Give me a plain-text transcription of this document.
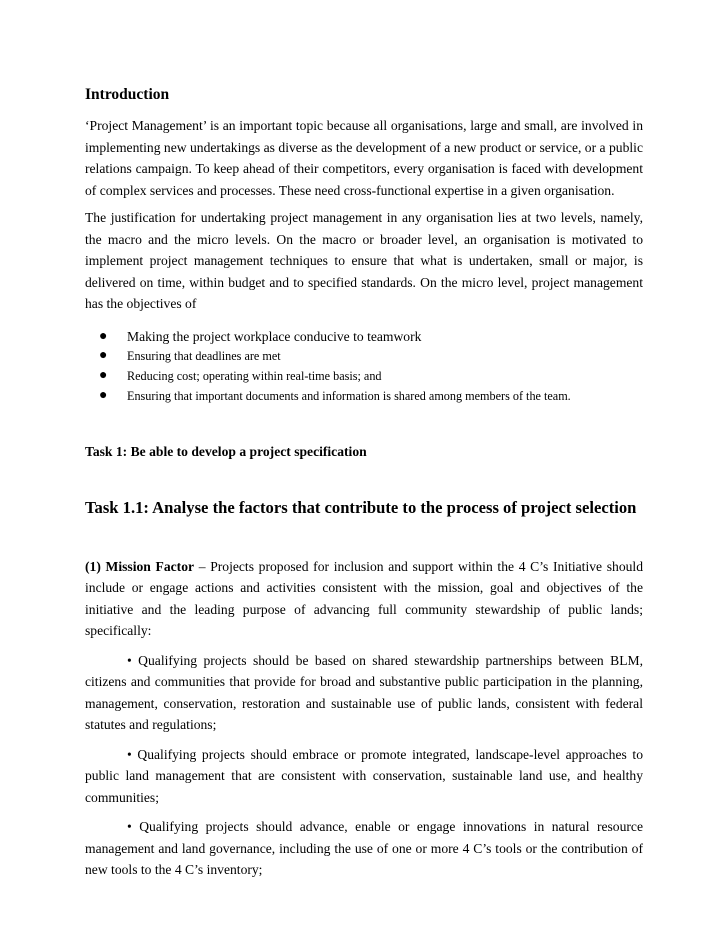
Introduction

‘Project Management’ is an important topic because all organisations, large and small, are involved in implementing new undertakings as diverse as the development of a new product or service, or a public relations campaign. To keep ahead of their competitors, every organisation is faced with development of complex services and processes. These need cross-functional expertise in a given organisation.

The justification for undertaking project management in any organisation lies at two levels, namely, the macro and the micro levels. On the macro or broader level, an organisation is motivated to implement project management techniques to ensure that what is undertaken, small or major, is delivered on time, within budget and to specified standards. On the micro level, project management has the objectives of

● Making the project workplace conducive to teamwork
● Ensuring that deadlines are met
● Reducing cost; operating within real-time basis; and
● Ensuring that important documents and information is shared among members of the team.
Task 1: Be able to develop a project specification
Task 1.1: Analyse the factors that contribute to the process of project selection

(1) Mission Factor – Projects proposed for inclusion and support within the 4 C’s Initiative should include or engage actions and activities consistent with the mission, goal and objectives of the initiative and the leading purpose of advancing full community stewardship of public lands; specifically:

• Qualifying projects should be based on shared stewardship partnerships between BLM, citizens and communities that provide for broad and substantive public participation in the planning, management, conservation, restoration and sustainable use of public lands, consistent with federal statutes and regulations;

• Qualifying projects should embrace or promote integrated, landscape-level approaches to public land management that are consistent with conservation, sustainable land use, and healthy communities;

• Qualifying projects should advance, enable or engage innovations in natural resource management and land governance, including the use of one or more 4 C’s tools or the contribution of new tools to the 4 C’s inventory;
